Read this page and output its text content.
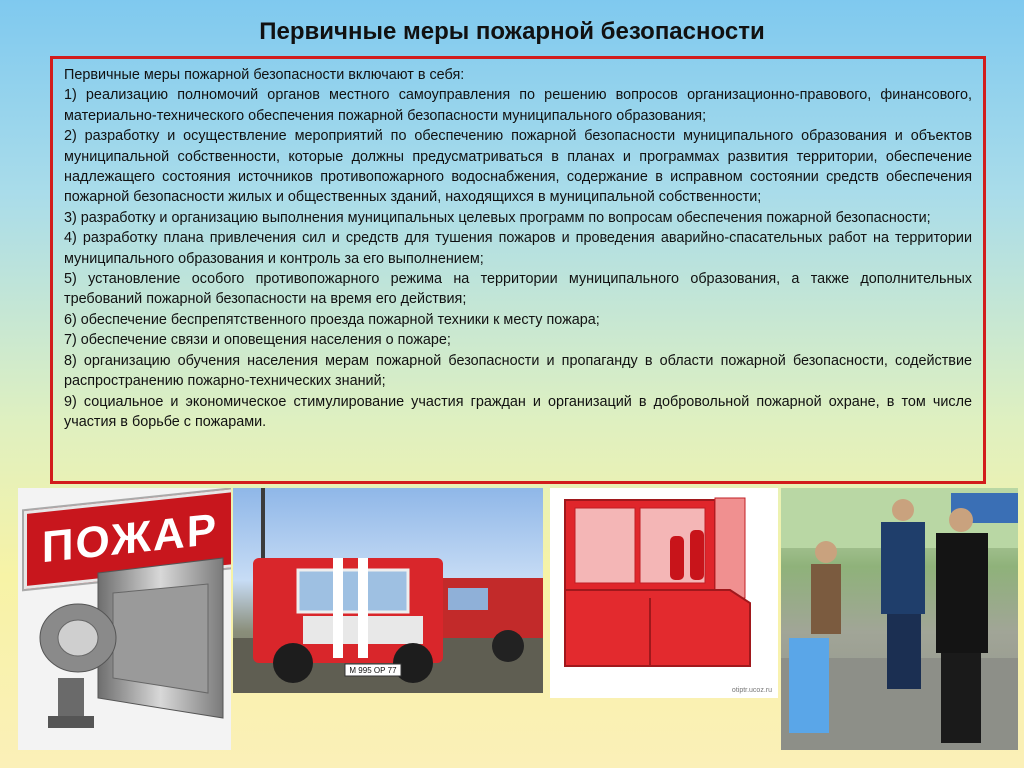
Первичные меры пожарной безопасности

Первичные меры пожарной безопасности включают в себя:

1) реализацию полномочий органов местного самоуправления по решению вопросов организационно-правового, финансового, материально-технического обеспечения пожарной безопасности муниципального образования;

2) разработку и осуществление мероприятий по обеспечению пожарной безопасности муниципального образования и объектов муниципальной собственности, которые должны предусматриваться в планах и программах развития территории, обеспечение надлежащего состояния источников противопожарного водоснабжения, содержание в исправном состоянии средств обеспечения пожарной безопасности жилых и общественных зданий, находящихся в муниципальной собственности;

3) разработку и организацию выполнения муниципальных целевых программ по вопросам обеспечения пожарной безопасности;

4) разработку плана привлечения сил и средств для тушения пожаров и проведения аварийно-спасательных работ на территории муниципального образования и контроль за его выполнением;

5) установление особого противопожарного режима на территории муниципального образования, а также дополнительных требований пожарной безопасности на время его действия;

6) обеспечение беспрепятственного проезда пожарной техники к месту пожара;

7) обеспечение связи и оповещения населения о пожаре;

8) организацию обучения населения мерам пожарной безопасности и пропаганду в области пожарной безопасности, содействие распространению пожарно-технических знаний;

9) социальное и экономическое стимулирование участия граждан и организаций в добровольной пожарной охране, в том числе участия в борьбе с пожарами.

ПОЖАР
М 995 ОР 77
otiptr.ucoz.ru
